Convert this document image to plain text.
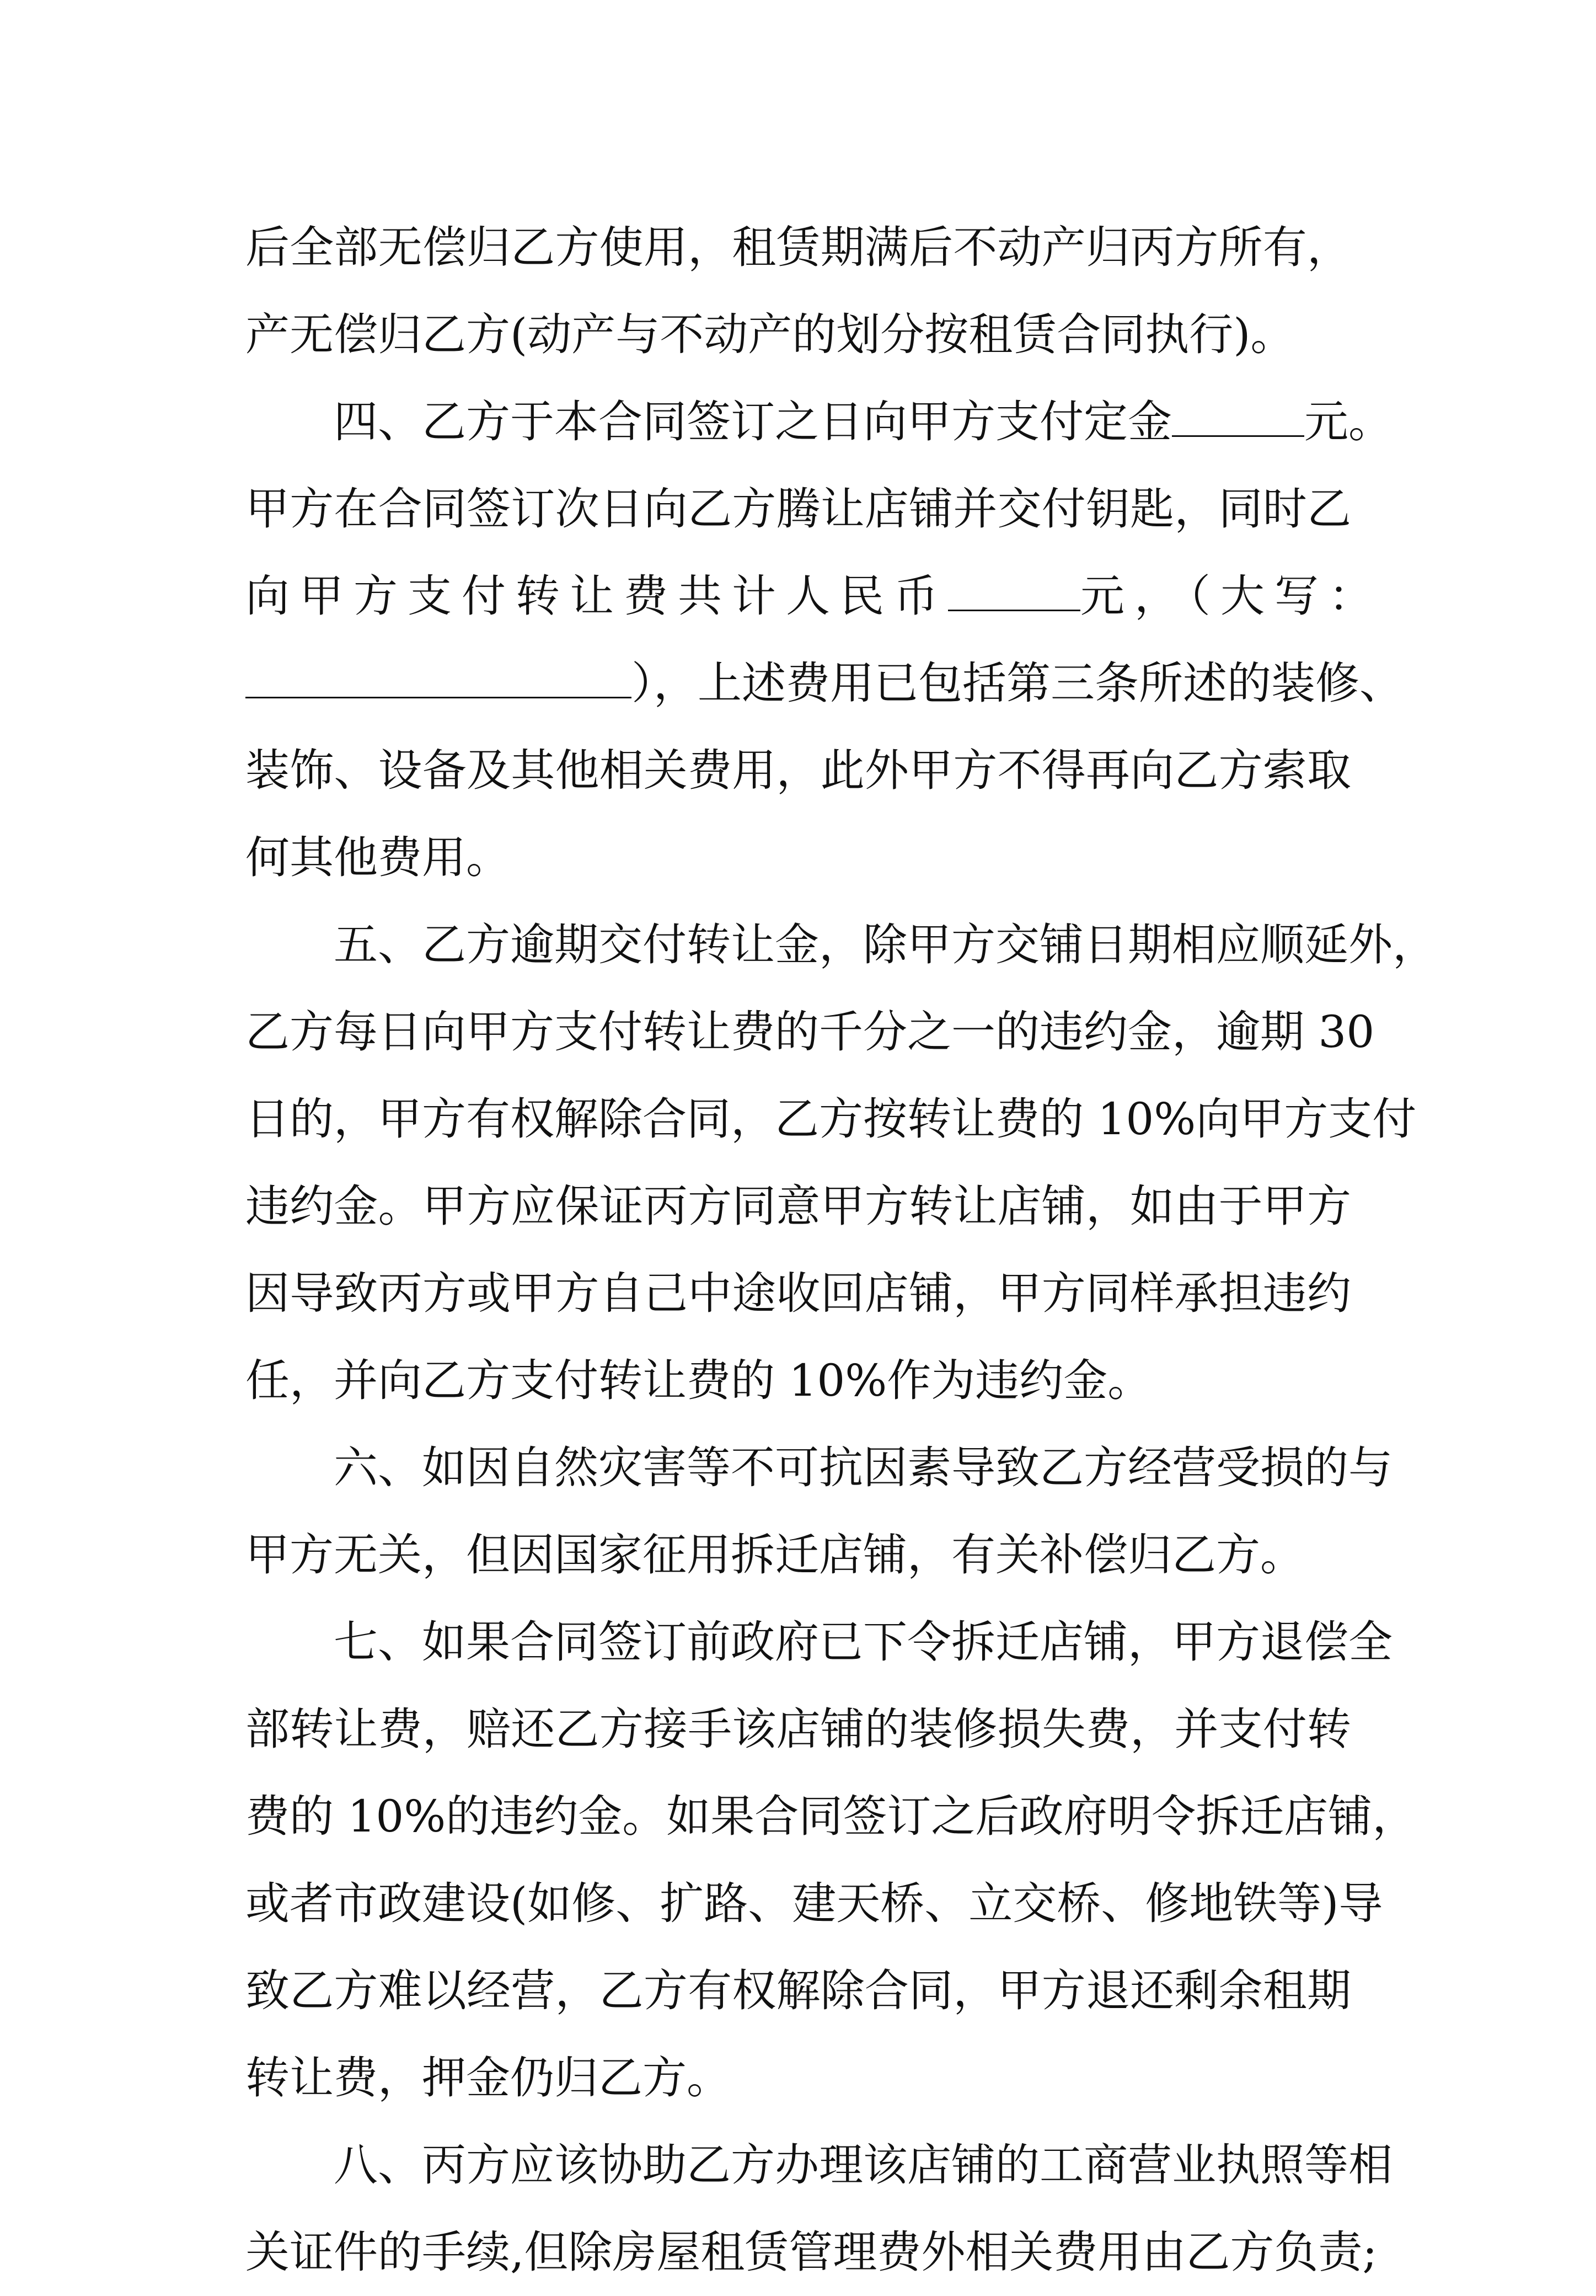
后全部无偿归乙方使用，租赁期满后不动产归丙方所有，
产无偿归乙方(动产与不动产的划分按租赁合同执行)。
四、乙方于本合同签订之日向甲方支付定金	元。
甲方在合同签订次日向乙方腾让店铺并交付钥匙，同时乙
向甲方支付转让费共计人民币	元，（大写：
），上述费用已包括第三条所述的装修、
装饰、设备及其他相关费用，此外甲方不得再向乙方索取
何其他费用。
五、乙方逾期交付转让金，除甲方交铺日期相应顺延外，
乙方每日向甲方支付转让费的千分之一的违约金，逾期 30
日的，甲方有权解除合同，乙方按转让费的 10%向甲方支付
违约金。甲方应保证丙方同意甲方转让店铺，如由于甲方
因导致丙方或甲方自己中途收回店铺，甲方同样承担违约
任，并向乙方支付转让费的 10%作为违约金。
六、如因自然灾害等不可抗因素导致乙方经营受损的与
甲方无关，但因国家征用拆迁店铺，有关补偿归乙方。
七、如果合同签订前政府已下令拆迁店铺，甲方退偿全
部转让费，赔还乙方接手该店铺的装修损失费，并支付转
费的 10%的违约金。如果合同签订之后政府明令拆迁店铺，
或者市政建设(如修、扩路、建天桥、立交桥、修地铁等)导
致乙方难以经营，乙方有权解除合同，甲方退还剩余租期
转让费，押金仍归乙方。
八、丙方应该协助乙方办理该店铺的工商营业执照等相
关证件的手续,但除房屋租赁管理费外相关费用由乙方负责;
